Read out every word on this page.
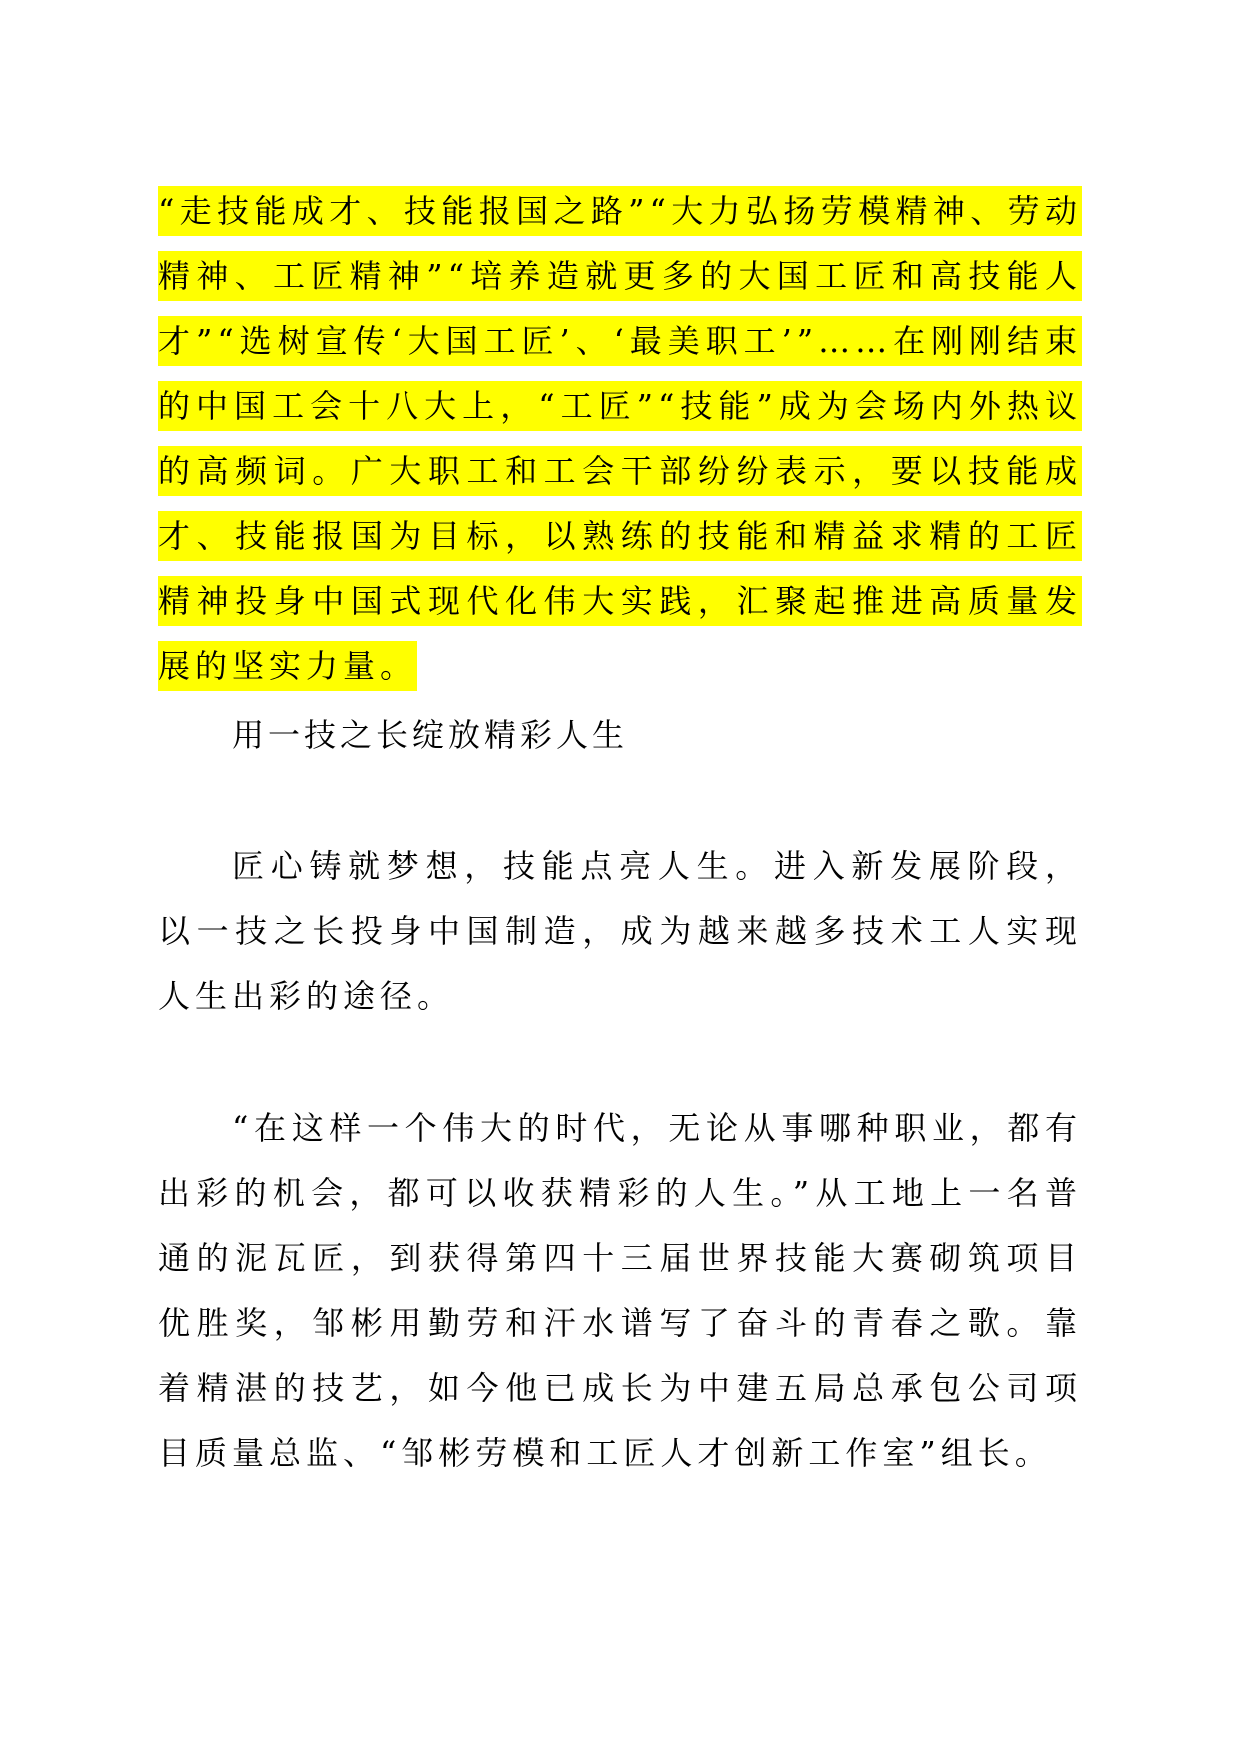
“走技能成才、技能报国之路”“大力弘扬劳模精神、劳动精神、工匠精神”“培养造就更多的大国工匠和高技能人才”“选树宣传‘大国工匠’、‘最美职工’”……在刚刚结束的中国工会十八大上，“工匠”“技能”成为会场内外热议的高频词。广大职工和工会干部纷纷表示，要以技能成才、技能报国为目标，以熟练的技能和精益求精的工匠精神投身中国式现代化伟大实践，汇聚起推进高质量发展的坚实力量。

用一技之长绽放精彩人生

匠心铸就梦想，技能点亮人生。进入新发展阶段，以一技之长投身中国制造，成为越来越多技术工人实现人生出彩的途径。

“在这样一个伟大的时代，无论从事哪种职业，都有出彩的机会，都可以收获精彩的人生。”从工地上一名普通的泥瓦匠，到获得第四十三届世界技能大赛砌筑项目优胜奖，邹彬用勤劳和汗水谱写了奋斗的青春之歌。靠着精湛的技艺，如今他已成长为中建五局总承包公司项目质量总监、“邹彬劳模和工匠人才创新工作室”组长。
